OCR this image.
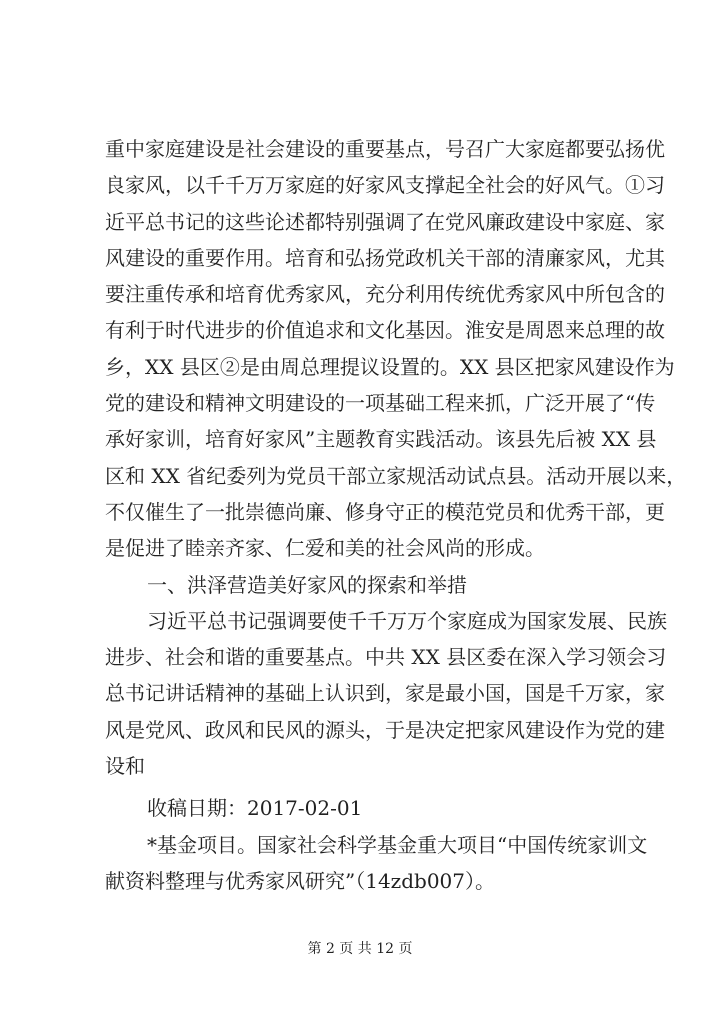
重中家庭建设是社会建设的重要基点，号召广大家庭都要弘扬优
良家风，以千千万万家庭的好家风支撑起全社会的好风气。①习
近平总书记的这些论述都特别强调了在党风廉政建设中家庭、家
风建设的重要作用。培育和弘扬党政机关干部的清廉家风，尤其
要注重传承和培育优秀家风，充分利用传统优秀家风中所包含的
有利于时代进步的价值追求和文化基因。淮安是周恩来总理的故
乡，XX 县区②是由周总理提议设置的。XX 县区把家风建设作为
党的建设和精神文明建设的一项基础工程来抓，广泛开展了“传
承好家训，培育好家风”主题教育实践活动。该县先后被 XX 县
区和 XX 省纪委列为党员干部立家规活动试点县。活动开展以来，
不仅催生了一批崇德尚廉、修身守正的模范党员和优秀干部，更
是促进了睦亲齐家、仁爱和美的社会风尚的形成。
一、洪泽营造美好家风的探索和举措
习近平总书记强调要使千千万万个家庭成为国家发展、民族
进步、社会和谐的重要基点。中共 XX 县区委在深入学习领会习
总书记讲话精神的基础上认识到，家是最小国，国是千万家，家
风是党风、政风和民风的源头，于是决定把家风建设作为党的建
设和
收稿日期：2017-02-01
*基金项目。国家社会科学基金重大项目“中国传统家训文
献资料整理与优秀家风研究”（14zdb007）。
第 2 页 共 12 页
